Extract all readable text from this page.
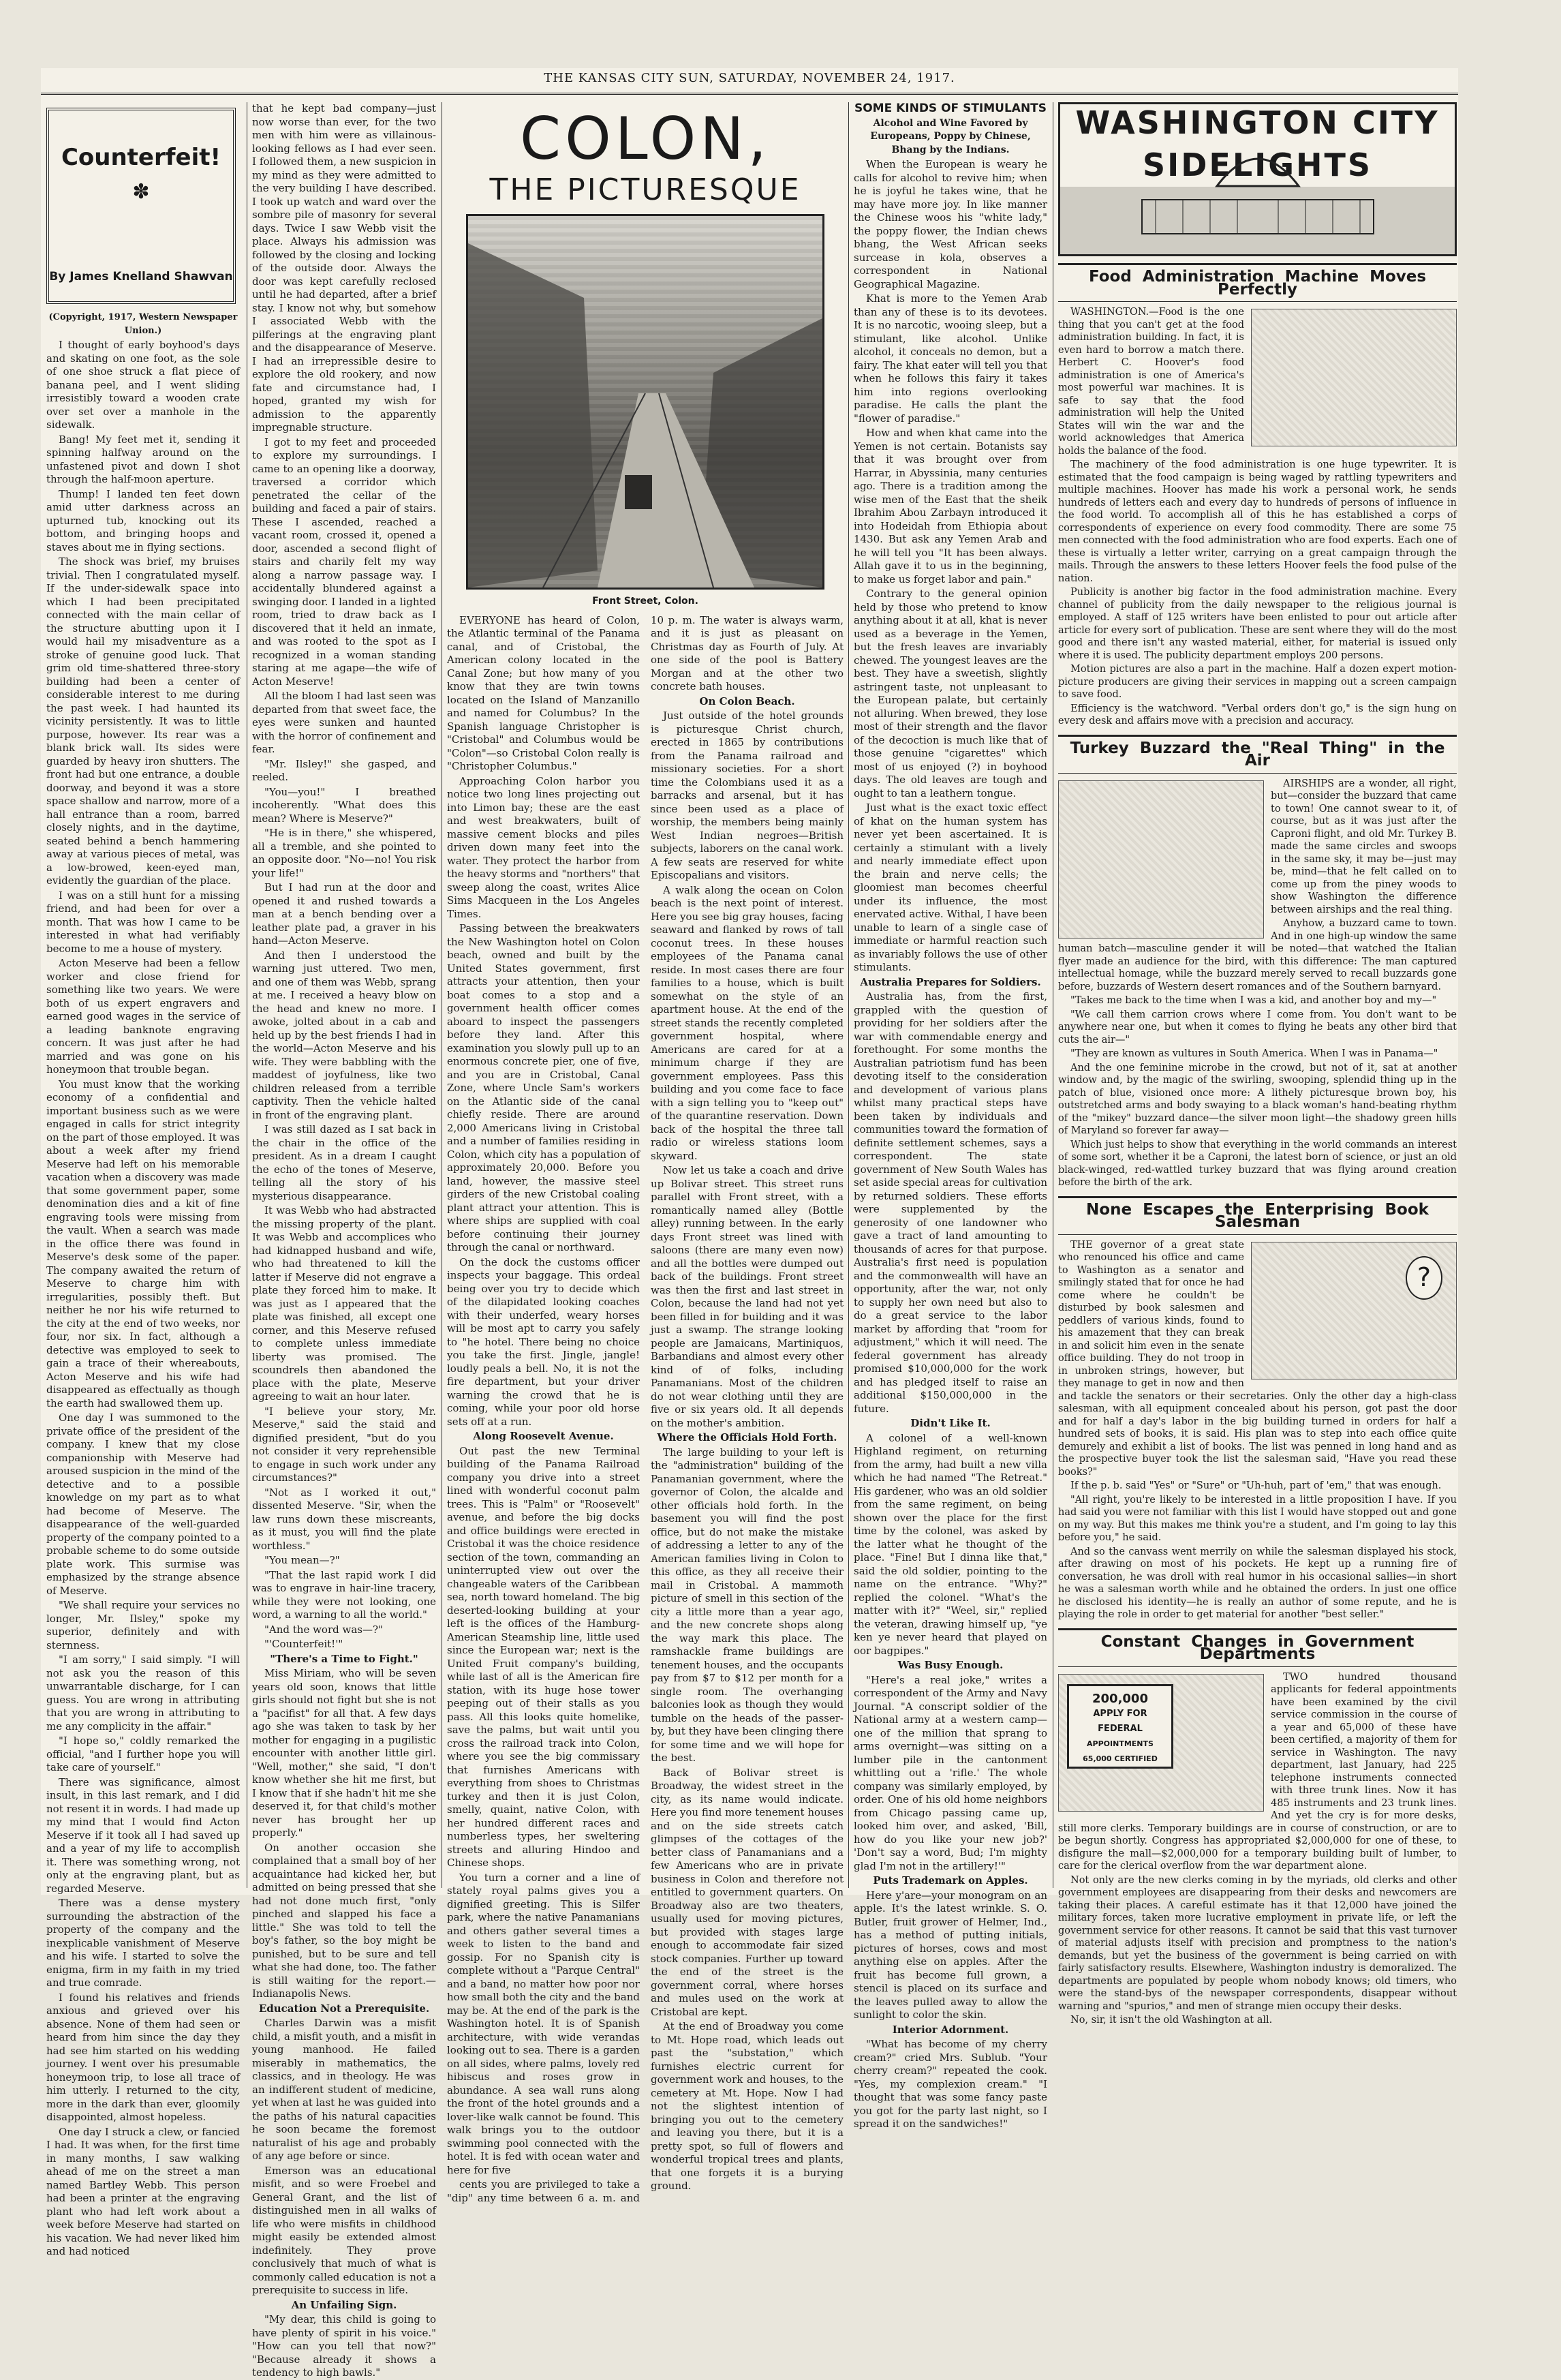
THE KANSAS CITY SUN, SATURDAY, NOVEMBER 24, 1917.
Counterfeit!
✽
By James Knelland Shawvan

(Copyright, 1917, Western Newspaper Union.)

I thought of early boyhood's days and skating on one foot, as the sole of one shoe struck a flat piece of banana peel, and I went sliding irresistibly toward a wooden crate over set over a manhole in the sidewalk.

Bang! My feet met it, sending it spinning halfway around on the unfastened pivot and down I shot through the half-moon aperture.

Thump! I landed ten feet down amid utter darkness across an upturned tub, knocking out its bottom, and bringing hoops and staves about me in flying sections.

The shock was brief, my bruises trivial. Then I congratulated myself. If the under-sidewalk space into which I had been precipitated connected with the main cellar of the structure abutting upon it I would hail my misadventure as a stroke of genuine good luck. That grim old time-shattered three-story building had been a center of considerable interest to me during the past week. I had haunted its vicinity persistently. It was to little purpose, however. Its rear was a blank brick wall. Its sides were guarded by heavy iron shutters. The front had but one entrance, a double doorway, and beyond it was a store space shallow and narrow, more of a hall entrance than a room, barred closely nights, and in the daytime, seated behind a bench hammering away at various pieces of metal, was a low-browed, keen-eyed man, evidently the guardian of the place.

I was on a still hunt for a missing friend, and had been for over a month. That was how I came to be interested in what had verifiably become to me a house of mystery.

Acton Meserve had been a fellow worker and close friend for something like two years. We were both of us expert engravers and earned good wages in the service of a leading banknote engraving concern. It was just after he had married and was gone on his honeymoon that trouble began.

You must know that the working economy of a confidential and important business such as we were engaged in calls for strict integrity on the part of those employed. It was about a week after my friend Meserve had left on his memorable vacation when a discovery was made that some government paper, some denomination dies and a kit of fine engraving tools were missing from the vault. When a search was made in the office there was found in Meserve's desk some of the paper. The company awaited the return of Meserve to charge him with irregularities, possibly theft. But neither he nor his wife returned to the city at the end of two weeks, nor four, nor six. In fact, although a detective was employed to seek to gain a trace of their whereabouts, Acton Meserve and his wife had disappeared as effectually as though the earth had swallowed them up.

One day I was summoned to the private office of the president of the company. I knew that my close companionship with Meserve had aroused suspicion in the mind of the detective and to a possible knowledge on my part as to what had become of Meserve. The disappearance of the well-guarded property of the company pointed to a probable scheme to do some outside plate work. This surmise was emphasized by the strange absence of Meserve.

"We shall require your services no longer, Mr. Ilsley," spoke my superior, definitely and with sternness.

"I am sorry," I said simply. "I will not ask you the reason of this unwarrantable discharge, for I can guess. You are wrong in attributing that you are wrong in attributing to me any complicity in the affair."

"I hope so," coldly remarked the official, "and I further hope you will take care of yourself."

There was significance, almost insult, in this last remark, and I did not resent it in words. I had made up my mind that I would find Acton Meserve if it took all I had saved up and a year of my life to accomplish it. There was something wrong, not only at the engraving plant, but as regarded Meserve.

There was a dense mystery surrounding the abstraction of the property of the company and the inexplicable vanishment of Meserve and his wife. I started to solve the enigma, firm in my faith in my tried and true comrade.

I found his relatives and friends anxious and grieved over his absence. None of them had seen or heard from him since the day they had see him started on his wedding journey. I went over his presumable honeymoon trip, to lose all trace of him utterly. I returned to the city, more in the dark than ever, gloomily disappointed, almost hopeless.

One day I struck a clew, or fancied I had. It was when, for the first time in many months, I saw walking ahead of me on the street a man named Bartley Webb. This person had been a printer at the engraving plant who had left work about a week before Meserve had started on his vacation. We had never liked him and had noticed

that he kept bad company—just now worse than ever, for the two men with him were as villainous-looking fellows as I had ever seen. I followed them, a new suspicion in my mind as they were admitted to the very building I have described. I took up watch and ward over the sombre pile of masonry for several days. Twice I saw Webb visit the place. Always his admission was followed by the closing and locking of the outside door. Always the door was kept carefully reclosed until he had departed, after a brief stay. I know not why, but somehow I associated Webb with the pilferings at the engraving plant and the disappearance of Meserve. I had an irrepressible desire to explore the old rookery, and now fate and circumstance had, I hoped, granted my wish for admission to the apparently impregnable structure.

I got to my feet and proceeded to explore my surroundings. I came to an opening like a doorway, traversed a corridor which penetrated the cellar of the building and faced a pair of stairs. These I ascended, reached a vacant room, crossed it, opened a door, ascended a second flight of stairs and charily felt my way along a narrow passage way. I accidentally blundered against a swinging door. I landed in a lighted room, tried to draw back as I discovered that it held an inmate, and was rooted to the spot as I recognized in a woman standing staring at me agape—the wife of Acton Meserve!

All the bloom I had last seen was departed from that sweet face, the eyes were sunken and haunted with the horror of confinement and fear.

"Mr. Ilsley!" she gasped, and reeled.

"You—you!" I breathed incoherently. "What does this mean? Where is Meserve?"

"He is in there," she whispered, all a tremble, and she pointed to an opposite door. "No—no! You risk your life!"

But I had run at the door and opened it and rushed towards a man at a bench bending over a leather plate pad, a graver in his hand—Acton Meserve.

And then I understood the warning just uttered. Two men, and one of them was Webb, sprang at me. I received a heavy blow on the head and knew no more. I awoke, jolted about in a cab and held up by the best friends I had in the world—Acton Meserve and his wife. They were babbling with the maddest of joyfulness, like two children released from a terrible captivity. Then the vehicle halted in front of the engraving plant.

I was still dazed as I sat back in the chair in the office of the president. As in a dream I caught the echo of the tones of Meserve, telling all the story of his mysterious disappearance.

It was Webb who had abstracted the missing property of the plant. It was Webb and accomplices who had kidnapped husband and wife, who had threatened to kill the latter if Meserve did not engrave a plate they forced him to make. It was just as I appeared that the plate was finished, all except one corner, and this Meserve refused to complete unless immediate liberty was promised. The scoundrels then abandoned the place with the plate, Meserve agreeing to wait an hour later.

"I believe your story, Mr. Meserve," said the staid and dignified president, "but do you not consider it very reprehensible to engage in such work under any circumstances?"

"Not as I worked it out," dissented Meserve. "Sir, when the law runs down these miscreants, as it must, you will find the plate worthless."

"You mean—?"

"That the last rapid work I did was to engrave in hair-line tracery, while they were not looking, one word, a warning to all the world."

"And the word was—?"

"'Counterfeit!'"

"There's a Time to Fight."

Miss Miriam, who will be seven years old soon, knows that little girls should not fight but she is not a "pacifist" for all that. A few days ago she was taken to task by her mother for engaging in a pugilistic encounter with another little girl. "Well, mother," she said, "I don't know whether she hit me first, but I know that if she hadn't hit me she deserved it, for that child's mother never has brought her up properly."

On another occasion she complained that a small boy of her acquaintance had kicked her, but admitted on being pressed that she had not done much first, "only pinched and slapped his face a little." She was told to tell the boy's father, so the boy might be punished, but to be sure and tell what she had done, too. The father is still waiting for the report.—Indianapolis News.

Education Not a Prerequisite.

Charles Darwin was a misfit child, a misfit youth, and a misfit in young manhood. He failed miserably in mathematics, the classics, and in theology. He was an indifferent student of medicine, yet when at last he was guided into the paths of his natural capacities he soon became the foremost naturalist of his age and probably of any age before or since.

Emerson was an educational misfit, and so were Froebel and General Grant, and the list of distinguished men in all walks of life who were misfits in childhood might easily be extended almost indefinitely. They prove conclusively that much of what is commonly called education is not a prerequisite to success in life.

An Unfailing Sign.

"My dear, this child is going to have plenty of spirit in his voice." "How can you tell that now?" "Because already it shows a tendency to high bawls."

COLON,
THE PICTURESQUE

Front Street, Colon.

EVERYONE has heard of Colon, the Atlantic terminal of the Panama canal, and of Cristobal, the American colony located in the Canal Zone; but how many of you know that they are twin towns located on the Island of Manzanillo and named for Columbus? In the Spanish language Christopher is "Cristobal" and Columbus would be "Colon"—so Cristobal Colon really is "Christopher Columbus."

Approaching Colon harbor you notice two long lines projecting out into Limon bay; these are the east and west breakwaters, built of massive cement blocks and piles driven down many feet into the water. They protect the harbor from the heavy storms and "northers" that sweep along the coast, writes Alice Sims Macqueen in the Los Angeles Times.

Passing between the breakwaters the New Washington hotel on Colon beach, owned and built by the United States government, first attracts your attention, then your boat comes to a stop and a government health officer comes aboard to inspect the passengers before they land. After this examination you slowly pull up to an enormous concrete pier, one of five, and you are in Cristobal, Canal Zone, where Uncle Sam's workers on the Atlantic side of the canal chiefly reside. There are around 2,000 Americans living in Cristobal and a number of families residing in Colon, which city has a population of approximately 20,000. Before you land, however, the massive steel girders of the new Cristobal coaling plant attract your attention. This is where ships are supplied with coal before continuing their journey through the canal or northward.

On the dock the customs officer inspects your baggage. This ordeal being over you try to decide which of the dilapidated looking coaches with their underfed, weary horses will be most apt to carry you safely to "he hotel. There being no choice you take the first. Jingle, jangle! loudly peals a bell. No, it is not the fire department, but your driver warning the crowd that he is coming, while your poor old horse sets off at a run.

Along Roosevelt Avenue.

Out past the new Terminal building of the Panama Railroad company you drive into a street lined with wonderful coconut palm trees. This is "Palm" or "Roosevelt" avenue, and before the big docks and office buildings were erected in Cristobal it was the choice residence section of the town, commanding an uninterrupted view out over the changeable waters of the Caribbean sea, north toward homeland. The big deserted-looking building at your left is the offices of the Hamburg-American Steamship line, little used since the European war; next is the United Fruit company's building, while last of all is the American fire station, with its huge hose tower peeping out of their stalls as you pass. All this looks quite homelike, save the palms, but wait until you cross the railroad track into Colon, where you see the big commissary that furnishes Americans with everything from shoes to Christmas turkey and then it is just Colon, smelly, quaint, native Colon, with her hundred different races and numberless types, her sweltering streets and alluring Hindoo and Chinese shops.

You turn a corner and a line of stately royal palms gives you a dignified greeting. This is Silfer park, where the native Panamanians and others gather several times a week to listen to the band and gossip. For no Spanish city is complete without a "Parque Central" and a band, no matter how poor nor how small both the city and the band may be. At the end of the park is the Washington hotel. It is of Spanish architecture, with wide verandas looking out to sea. There is a garden on all sides, where palms, lovely red hibiscus and roses grow in abundance. A sea wall runs along the front of the hotel grounds and a lover-like walk cannot be found. This walk brings you to the outdoor swimming pool connected with the hotel. It is fed with ocean water and here for five

cents you are privileged to take a "dip" any time between 6 a. m. and 10 p. m. The water is always warm, and it is just as pleasant on Christmas day as Fourth of July. At one side of the pool is Battery Morgan and at the other two concrete bath houses.

On Colon Beach.

Just outside of the hotel grounds is picturesque Christ church, erected in 1865 by contributions from the Panama railroad and missionary societies. For a short time the Colombians used it as a barracks and arsenal, but it has since been used as a place of worship, the members being mainly West Indian negroes—British subjects, laborers on the canal work. A few seats are reserved for white Episcopalians and visitors.

A walk along the ocean on Colon beach is the next point of interest. Here you see big gray houses, facing seaward and flanked by rows of tall coconut trees. In these houses employees of the Panama canal reside. In most cases there are four families to a house, which is built somewhat on the style of an apartment house. At the end of the street stands the recently completed government hospital, where Americans are cared for at a minimum charge if they are government employees. Pass this building and you come face to face with a sign telling you to "keep out" of the quarantine reservation. Down back of the hospital the three tall radio or wireless stations loom skyward.

Now let us take a coach and drive up Bolivar street. This street runs parallel with Front street, with a romantically named alley (Bottle alley) running between. In the early days Front street was lined with saloons (there are many even now) and all the bottles were dumped out back of the buildings. Front street was then the first and last street in Colon, because the land had not yet been filled in for building and it was just a swamp. The strange looking people are Jamaicans, Martiniquos, Barbandians and almost every other kind of of folks, including Panamanians. Most of the children do not wear clothing until they are five or six years old. It all depends on the mother's ambition.

Where the Officials Hold Forth.

The large building to your left is the "administration" building of the Panamanian government, where the governor of Colon, the alcalde and other officials hold forth. In the basement you will find the post office, but do not make the mistake of addressing a letter to any of the American families living in Colon to this office, as they all receive their mail in Cristobal. A mammoth picture of smell in this section of the city a little more than a year ago, and the new concrete shops along the way mark this place. The ramshackle frame buildings are tenement houses, and the occupants pay from $7 to $12 per month for a single room. The overhanging balconies look as though they would tumble on the heads of the passer-by, but they have been clinging there for some time and we will hope for the best.

Back of Bolivar street is Broadway, the widest street in the city, as its name would indicate. Here you find more tenement houses and on the side streets catch glimpses of the cottages of the better class of Panamanians and a few Americans who are in private business in Colon and therefore not entitled to government quarters. On Broadway also are two theaters, usually used for moving pictures, but provided with stages large enough to accommodate fair sized stock companies. Further up toward the end of the street is the government corral, where horses and mules used on the work at Cristobal are kept.

At the end of Broadway you come to Mt. Hope road, which leads out past the "substation," which furnishes electric current for government work and houses, to the cemetery at Mt. Hope. Now I had not the slightest intention of bringing you out to the cemetery and leaving you there, but it is a pretty spot, so full of flowers and wonderful tropical trees and plants, that one forgets it is a burying ground.

SOME KINDS OF STIMULANTS

Alcohol and Wine Favored by Europeans, Poppy by Chinese, Bhang by the Indians.

When the European is weary he calls for alcohol to revive him; when he is joyful he takes wine, that he may have more joy. In like manner the Chinese woos his "white lady," the poppy flower, the Indian chews bhang, the West African seeks surcease in kola, observes a correspondent in National Geographical Magazine.

Khat is more to the Yemen Arab than any of these is to its devotees. It is no narcotic, wooing sleep, but a stimulant, like alcohol. Unlike alcohol, it conceals no demon, but a fairy. The khat eater will tell you that when he follows this fairy it takes him into regions overlooking paradise. He calls the plant the "flower of paradise."

How and when khat came into the Yemen is not certain. Botanists say that it was brought over from Harrar, in Abyssinia, many centuries ago. There is a tradition among the wise men of the East that the sheik Ibrahim Abou Zarbayn introduced it into Hodeidah from Ethiopia about 1430. But ask any Yemen Arab and he will tell you "It has been always. Allah gave it to us in the beginning, to make us forget labor and pain."

Contrary to the general opinion held by those who pretend to know anything about it at all, khat is never used as a beverage in the Yemen, but the fresh leaves are invariably chewed. The youngest leaves are the best. They have a sweetish, slightly astringent taste, not unpleasant to the European palate, but certainly not alluring. When brewed, they lose most of their strength and the flavor of the decoction is much like that of those genuine "cigarettes" which most of us enjoyed (?) in boyhood days. The old leaves are tough and ought to tan a leathern tongue.

Just what is the exact toxic effect of khat on the human system has never yet been ascertained. It is certainly a stimulant with a lively and nearly immediate effect upon the brain and nerve cells; the gloomiest man becomes cheerful under its influence, the most enervated active. Withal, I have been unable to learn of a single case of immediate or harmful reaction such as invariably follows the use of other stimulants.

Australia Prepares for Soldiers.

Australia has, from the first, grappled with the question of providing for her soldiers after the war with commendable energy and forethought. For some months the Australian patriotism fund has been devoting itself to the consideration and development of various plans whilst many practical steps have been taken by individuals and communities toward the formation of definite settlement schemes, says a correspondent. The state government of New South Wales has set aside special areas for cultivation by returned soldiers. These efforts were supplemented by the generosity of one landowner who gave a tract of land amounting to thousands of acres for that purpose. Australia's first need is population and the commonwealth will have an opportunity, after the war, not only to supply her own need but also to do a great service to the labor market by affording that "room for adjustment," which it will need. The federal government has already promised $10,000,000 for the work and has pledged itself to raise an additional $150,000,000 in the future.

Didn't Like It.

A colonel of a well-known Highland regiment, on returning from the army, had built a new villa which he had named "The Retreat." His gardener, who was an old soldier from the same regiment, on being shown over the place for the first time by the colonel, was asked by the latter what he thought of the place. "Fine! But I dinna like that," said the old soldier, pointing to the name on the entrance. "Why?" replied the colonel. "What's the matter with it?" "Weel, sir," replied the veteran, drawing himself up, "ye ken ye never heard that played on oor bagpipes."

Was Busy Enough.

"Here's a real joke," writes a correspondent of the Army and Navy Journal. "A conscript soldier of the National army at a western camp—one of the million that sprang to arms overnight—was sitting on a lumber pile in the cantonment whittling out a 'rifle.' The whole company was similarly employed, by order. One of his old home neighbors from Chicago passing came up, looked him over, and asked, 'Bill, how do you like your new job?' 'Don't say a word, Bud; I'm mighty glad I'm not in the artillery!'"

Puts Trademark on Apples.

Here y'are—your monogram on an apple. It's the latest wrinkle. S. O. Butler, fruit grower of Helmer, Ind., has a method of putting initials, pictures of horses, cows and most anything else on apples. After the fruit has become full grown, a stencil is placed on its surface and the leaves pulled away to allow the sunlight to color the skin.

Interior Adornment.

"What has become of my cherry cream?" cried Mrs. Sublub. "Your cherry cream?" repeated the cook. "Yes, my complexion cream." "I thought that was some fancy paste you got for the party last night, so I spread it on the sandwiches!"

WASHINGTON CITY
SIDELIGHTS
Food Administration Machine Moves Perfectly

WASHINGTON.—Food is the one thing that you can't get at the food administration building. In fact, it is even hard to borrow a match there. Herbert C. Hoover's food administration is one of America's most powerful war machines. It is safe to say that the food administration will help the United States will win the war and the world acknowledges that America holds the balance of the food.

The machinery of the food administration is one huge typewriter. It is estimated that the food campaign is being waged by rattling typewriters and multiple machines. Hoover has made his work a personal work, he sends hundreds of letters each and every day to hundreds of persons of influence in the food world. To accomplish all of this he has established a corps of correspondents of experience on every food commodity. There are some 75 men connected with the food administration who are food experts. Each one of these is virtually a letter writer, carrying on a great campaign through the mails. Through the answers to these letters Hoover feels the food pulse of the nation.

Publicity is another big factor in the food administration machine. Every channel of publicity from the daily newspaper to the religious journal is employed. A staff of 125 writers have been enlisted to pour out article after article for every sort of publication. These are sent where they will do the most good and there isn't any wasted material, either, for material is issued only where it is used. The publicity department employs 200 persons.

Motion pictures are also a part in the machine. Half a dozen expert motion-picture producers are giving their services in mapping out a screen campaign to save food.

Efficiency is the watchword. "Verbal orders don't go," is the sign hung on every desk and affairs move with a precision and accuracy.

Turkey Buzzard the "Real Thing" in the Air

AIRSHIPS are a wonder, all right, but—consider the buzzard that came to town! One cannot swear to it, of course, but as it was just after the Caproni flight, and old Mr. Turkey B. made the same circles and swoops in the same sky, it may be—just may be, mind—that he felt called on to come up from the piney woods to show Washington the difference between airships and the real thing.

Anyhow, a buzzard came to town. And in one high-up window the same human batch—masculine gender it will be noted—that watched the Italian flyer made an audience for the bird, with this difference: The man captured intellectual homage, while the buzzard merely served to recall buzzards gone before, buzzards of Western desert romances and of the Southern barnyard.

"Takes me back to the time when I was a kid, and another boy and my—"

"We call them carrion crows where I come from. You don't want to be anywhere near one, but when it comes to flying he beats any other bird that cuts the air—"

"They are known as vultures in South America. When I was in Panama—"

And the one feminine microbe in the crowd, but not of it, sat at another window and, by the magic of the swirling, swooping, splendid thing up in the patch of blue, visioned once more: A lithely picturesque brown boy, his outstretched arms and body swaying to a black woman's hand-beating rhythm of the "mikey" buzzard dance—the silver moon light—the shadowy green hills of Maryland so forever far away—

Which just helps to show that everything in the world commands an interest of some sort, whether it be a Caproni, the latest born of science, or just an old black-winged, red-wattled turkey buzzard that was flying around creation before the birth of the ark.

None Escapes the Enterprising Book Salesman
?

THE governor of a great state who renounced his office and came to Washington as a senator and smilingly stated that for once he had come where he couldn't be disturbed by book salesmen and peddlers of various kinds, found to his amazement that they can break in and solicit him even in the senate office building. They do not troop in in unbroken strings, however, but they manage to get in now and then and tackle the senators or their secretaries. Only the other day a high-class salesman, with all equipment concealed about his person, got past the door and for half a day's labor in the big building turned in orders for half a hundred sets of books, it is said. His plan was to step into each office quite demurely and exhibit a list of books. The list was penned in long hand and as the prospective buyer took the list the salesman said, "Have you read these books?"

If the p. b. said "Yes" or "Sure" or "Uh-huh, part of 'em," that was enough.

"All right, you're likely to be interested in a little proposition I have. If you had said you were not familiar with this list I would have stopped out and gone on my way. But this makes me think you're a student, and I'm going to lay this before you," he said.

And so the canvass went merrily on while the salesman displayed his stock, after drawing on most of his pockets. He kept up a running fire of conversation, he was droll with real humor in his occasional sallies—in short he was a salesman worth while and he obtained the orders. In just one office he disclosed his identity—he is really an author of some repute, and he is playing the role in order to get material for another "best seller."

Constant Changes in Government Departments
200,000
APPLY FOR
FEDERAL
APPOINTMENTS
65,000 CERTIFIED

TWO hundred thousand applicants for federal appointments have been examined by the civil service commission in the course of a year and 65,000 of these have been certified, a majority of them for service in Washington. The navy department, last January, had 225 telephone instruments connected with three trunk lines. Now it has 485 instruments and 23 trunk lines. And yet the cry is for more desks, still more clerks. Temporary buildings are in course of construction, or are to be begun shortly. Congress has appropriated $2,000,000 for one of these, to disfigure the mall—$2,000,000 for a temporary building built of lumber, to care for the clerical overflow from the war department alone.

Not only are the new clerks coming in by the myriads, old clerks and other government employees are disappearing from their desks and newcomers are taking their places. A careful estimate has it that 12,000 have joined the military forces, taken more lucrative employment in private life, or left the government service for other reasons. It cannot be said that this vast turnover of material adjusts itself with precision and promptness to the nation's demands, but yet the business of the government is being carried on with fairly satisfactory results. Elsewhere, Washington industry is demoralized. The departments are populated by people whom nobody knows; old timers, who were the stand-bys of the newspaper correspondents, disappear without warning and "spurios," and men of strange mien occupy their desks.

No, sir, it isn't the old Washington at all.
